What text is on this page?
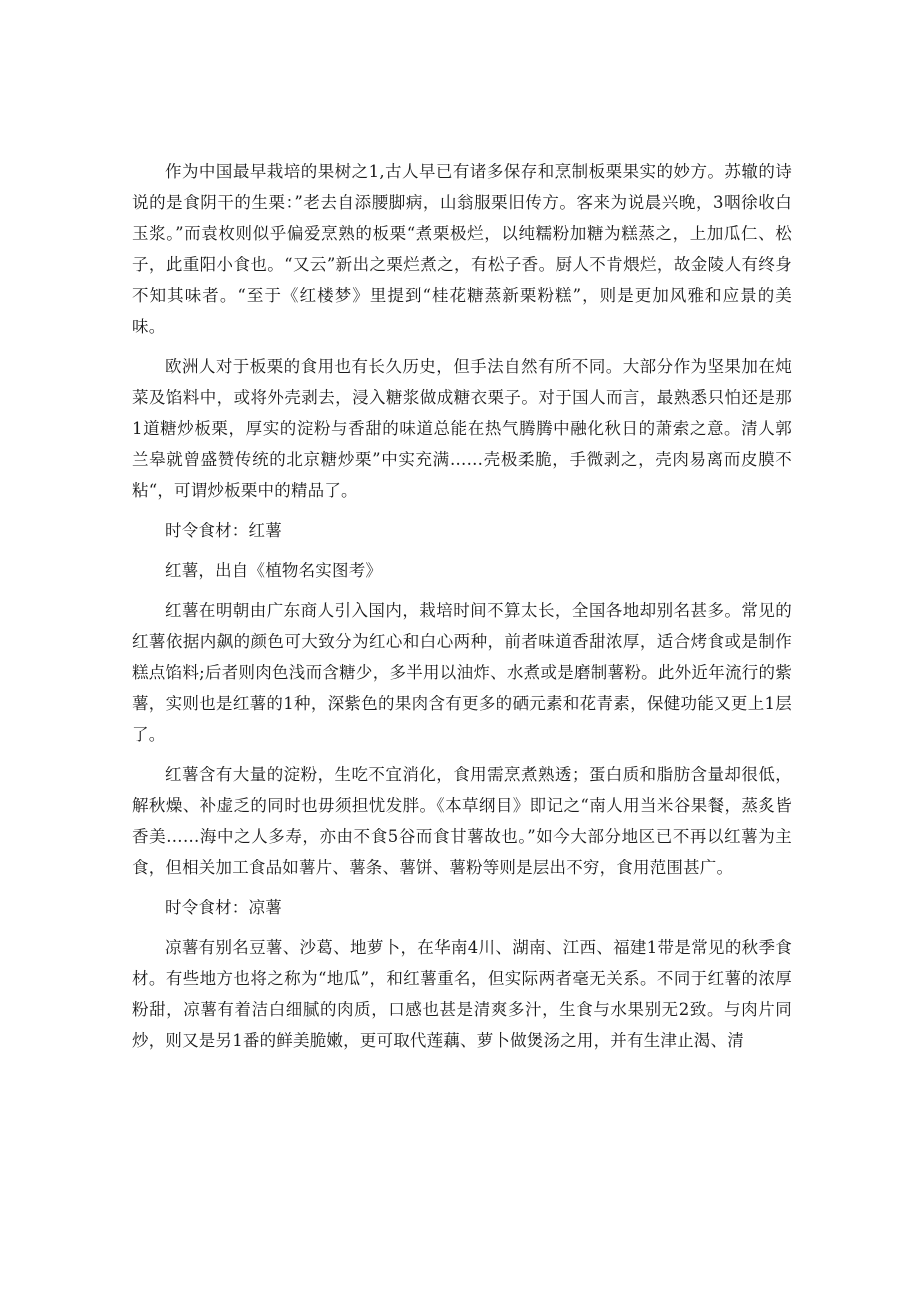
作为中国最早栽培的果树之1,古人早已有诸多保存和烹制板栗果实的妙方。苏辙的诗说的是食阴干的生栗：”老去自添腰脚病，山翁服栗旧传方。客来为说晨兴晚，3咽徐收白玉浆。”而袁枚则似乎偏爱烹熟的板栗“煮栗极烂，以纯糯粉加糖为糕蒸之，上加瓜仁、松子，此重阳小食也。“又云”新出之栗烂煮之，有松子香。厨人不肯煨烂，故金陵人有终身不知其味者。“至于《红楼梦》里提到“桂花糖蒸新栗粉糕”，则是更加风雅和应景的美味。

欧洲人对于板栗的食用也有长久历史，但手法自然有所不同。大部分作为坚果加在炖菜及馅料中，或将外壳剥去，浸入糖浆做成糖衣栗子。对于国人而言，最熟悉只怕还是那1道糖炒板栗，厚实的淀粉与香甜的味道总能在热气腾腾中融化秋日的萧索之意。清人郭兰皋就曾盛赞传统的北京糖炒栗”中实充满……壳极柔脆，手微剥之，壳肉易离而皮膜不粘“，可谓炒板栗中的精品了。

时令食材：红薯

红薯，出自《植物名实图考》

红薯在明朝由广东商人引入国内，栽培时间不算太长，全国各地却别名甚多。常见的红薯依据内飙的颜色可大致分为红心和白心两种，前者味道香甜浓厚，适合烤食或是制作糕点馅料;后者则肉色浅而含糖少，多半用以油炸、水煮或是磨制薯粉。此外近年流行的紫薯，实则也是红薯的1种，深紫色的果肉含有更多的硒元素和花青素，保健功能又更上1层了。

红薯含有大量的淀粉，生吃不宜消化，食用需烹煮熟透；蛋白质和脂肪含量却很低，解秋燥、补虚乏的同时也毋须担忧发胖。《本草纲目》即记之“南人用当米谷果餐，蒸炙皆香美……海中之人多寿，亦由不食5谷而食甘薯故也。”如今大部分地区已不再以红薯为主食，但相关加工食品如薯片、薯条、薯饼、薯粉等则是层出不穷，食用范围甚广。

时令食材：凉薯

凉薯有别名豆薯、沙葛、地萝卜，在华南4川、湖南、江西、福建1带是常见的秋季食材。有些地方也将之称为“地瓜”，和红薯重名，但实际两者毫无关系。不同于红薯的浓厚粉甜，凉薯有着洁白细腻的肉质，口感也甚是清爽多汁，生食与水果别无2致。与肉片同炒，则又是另1番的鲜美脆嫩，更可取代莲藕、萝卜做煲汤之用，并有生津止渴、清
